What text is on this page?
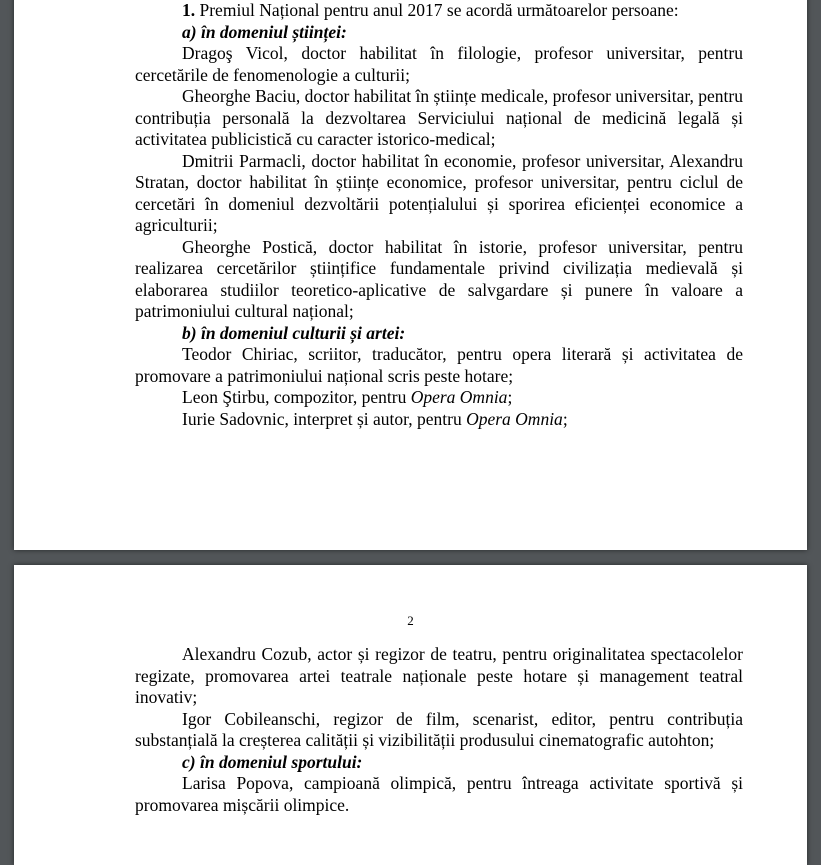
1. Premiul Național pentru anul 2017 se acordă următoarelor persoane:

a) în domeniul științei:

Dragoş Vicol, doctor habilitat în filologie, profesor universitar, pentru cercetările de fenomenologie a culturii;

Gheorghe Baciu, doctor habilitat în științe medicale, profesor universitar, pentru contribuția personală la dezvoltarea Serviciului național de medicină legală și activitatea publicistică cu caracter istorico-medical;

Dmitrii Parmacli, doctor habilitat în economie, profesor universitar, Alexandru Stratan, doctor habilitat în științe economice, profesor universitar, pentru ciclul de cercetări în domeniul dezvoltării potențialului și sporirea eficienței economice a agriculturii;

Gheorghe Postică, doctor habilitat în istorie, profesor universitar, pentru realizarea cercetărilor științifice fundamentale privind civilizația medievală și elaborarea studiilor teoretico-aplicative de salvgardare și punere în valoare a patrimoniului cultural național;

b) în domeniul culturii și artei:

Teodor Chiriac, scriitor, traducător, pentru opera literară și activitatea de promovare a patrimoniului național scris peste hotare;

Leon Ştirbu, compozitor, pentru Opera Omnia;

Iurie Sadovnic, interpret și autor, pentru Opera Omnia;

2

Alexandru Cozub, actor și regizor de teatru, pentru originalitatea spectacolelor regizate, promovarea artei teatrale naționale peste hotare și management teatral inovativ;

Igor Cobileanschi, regizor de film, scenarist, editor, pentru contribuția substanțială la creșterea calității și vizibilității produsului cinematografic autohton;

c) în domeniul sportului:

Larisa Popova, campioană olimpică, pentru întreaga activitate sportivă și promovarea mișcării olimpice.
